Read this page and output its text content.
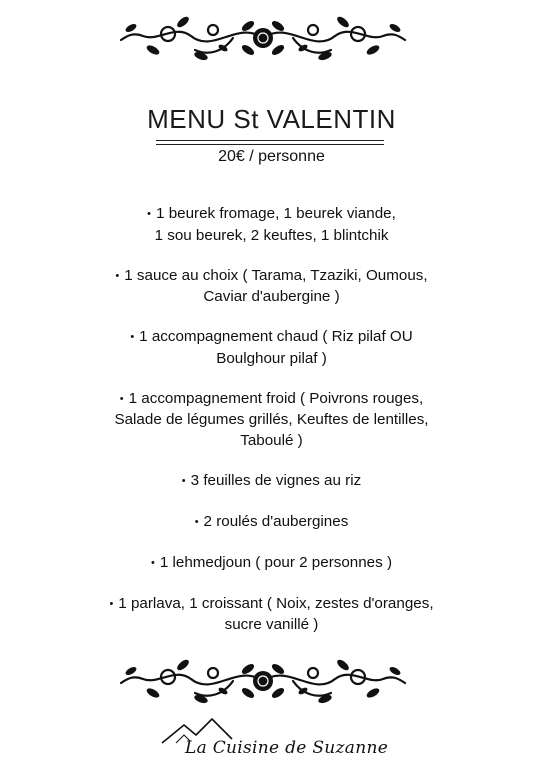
MENU St VALENTIN
20€ / personne
• 1 beurek fromage, 1 beurek viande,
1 sou beurek, 2 keuftes, 1 blintchik
• 1 sauce au choix ( Tarama, Tzaziki, Oumous,
Caviar d'aubergine )
• 1 accompagnement chaud ( Riz pilaf OU
Boulghour pilaf )
• 1 accompagnement froid ( Poivrons rouges,
Salade de légumes grillés, Keuftes de lentilles,
Taboulé )
• 3 feuilles de vignes au riz
• 2 roulés d'aubergines
• 1 lehmedjoun ( pour 2 personnes )
• 1 parlava, 1 croissant ( Noix, zestes d'oranges,
sucre vanillé )
La Cuisine de Suzanne
